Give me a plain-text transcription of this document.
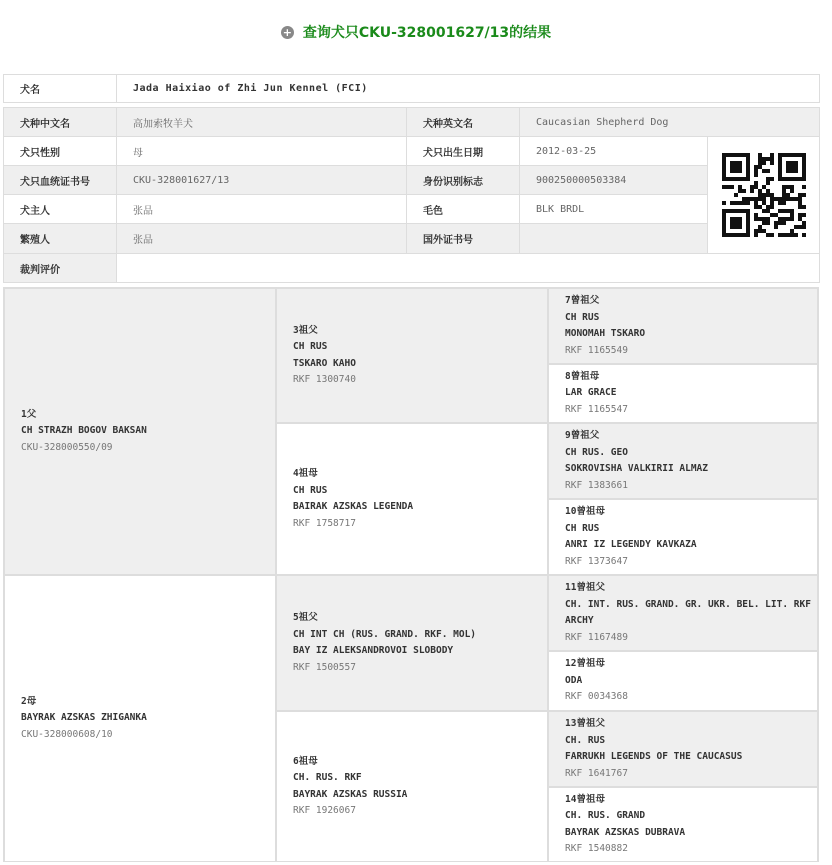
+ 查询犬只CKU-328001627/13的结果
犬名	Jada Haixiao of Zhi Jun Kennel (FCI)			

犬种中文名	高加索牧羊犬	犬种英文名	Caucasian Shepherd Dog	
犬只性别	母	犬只出生日期	2012-03-25	

犬只血统证书号	CKU-328001627/13	身份识别标志	900250000503384	
犬主人	张品	毛色	BLK BRDL	
繁殖人	张品	国外证书号		
裁判评价				
1父
CH STRAZH BOGOV BAKSAN
CKU-328000550/09
2母
BAYRAK AZSKAS ZHIGANKA
CKU-328000608/10
3祖父
CH RUS
TSKARO KAHO
RKF 1300740
4祖母
CH RUS
BAIRAK AZSKAS LEGENDA
RKF 1758717
5祖父
CH INT CH (RUS. GRAND. RKF. MOL)
BAY IZ ALEKSANDROVOI SLOBODY
RKF 1500557
6祖母
CH. RUS. RKF
BAYRAK AZSKAS RUSSIA
RKF 1926067
7曾祖父
CH RUS
MONOMAH TSKARO
RKF 1165549
8曾祖母
LAR GRACE
RKF 1165547
9曾祖父
CH RUS. GEO
SOKROVISHA VALKIRII ALMAZ
RKF 1383661
10曾祖母
CH RUS
ANRI IZ LEGENDY KAVKAZA
RKF 1373647
11曾祖父
CH. INT. RUS. GRAND. GR. UKR. BEL. LIT. RKF
ARCHY
RKF 1167489
12曾祖母
ODA
RKF 0034368
13曾祖父
CH. RUS
FARRUKH LEGENDS OF THE CAUCASUS
RKF 1641767
14曾祖母
CH. RUS. GRAND
BAYRAK AZSKAS DUBRAVA
RKF 1540882
